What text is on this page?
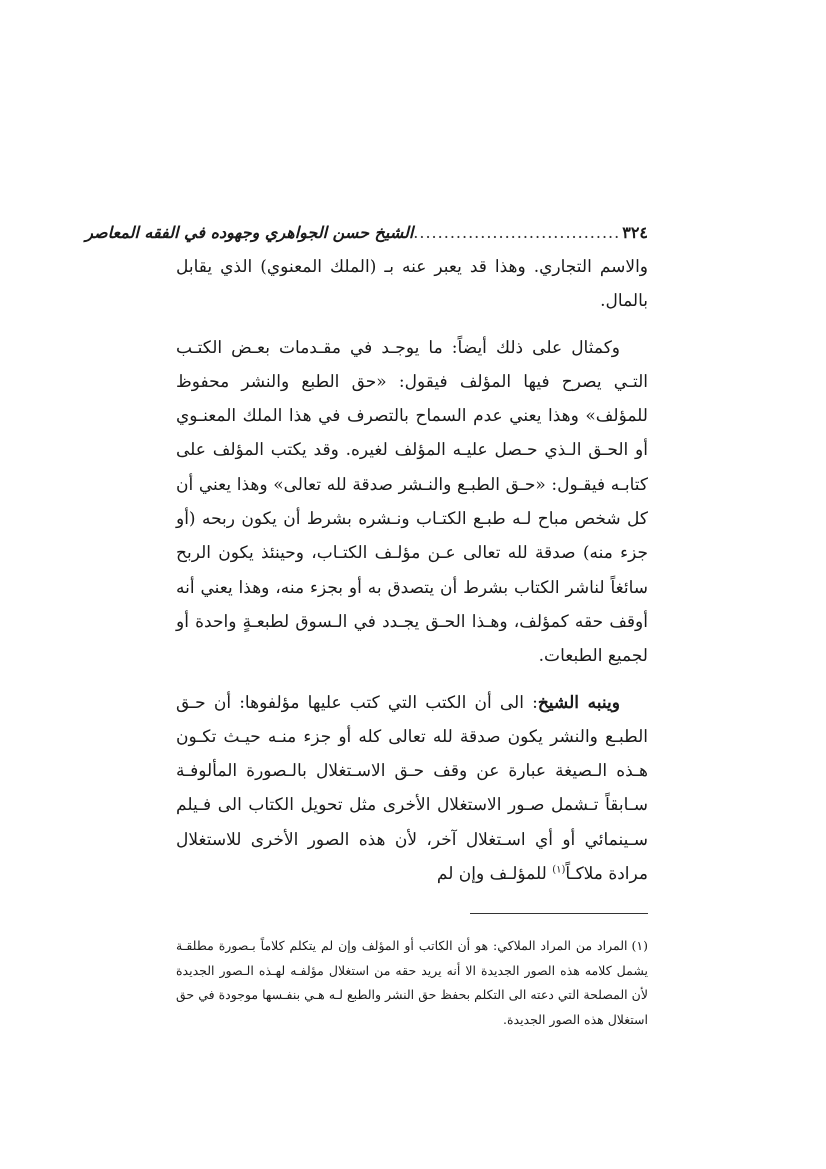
٣٢٤
..................................
الشيخ حسن الجواهري وجهوده في الفقه المعاصر

والاسم التجاري. وهذا قد يعبر عنه بـ (الملك المعنوي) الذي يقابل بالمال.

وكمثال على ذلك أيضاً: ما يوجـد في مقـدمات بعـض الكتـب التـي يصرح فيها المؤلف فيقول: «حق الطبع والنشر محفوظ للمؤلف» وهذا يعني عدم السماح بالتصرف في هذا الملك المعنـوي أو الحـق الـذي حـصل عليـه المؤلف لغيره. وقد يكتب المؤلف على كتابـه فيقـول: «حـق الطبـع والنـشر صدقة لله تعالى» وهذا يعني أن كل شخص مباح لـه طبـع الكتـاب ونـشره بشرط أن يكون ربحه (أو جزء منه) صدقة لله تعالى عـن مؤلـف الكتـاب، وحينئذ يكون الربح سائغاً لناشر الكتاب بشرط أن يتصدق به أو بجزء منه، وهذا يعني أنه أوقف حقه كمؤلف، وهـذا الحـق يجـدد في الـسوق لطبعـةٍ واحدة أو لجميع الطبعات.

وينبه الشيخ: الى أن الكتب التي كتب عليها مؤلفوها: أن حـق الطبـع والنشر يكون صدقة لله تعالى كله أو جزء منـه حيـث تكـون هـذه الـصيغة عبارة عن وقف حـق الاسـتغلال بالـصورة المألوفـة سـابقاً تـشمل صـور الاستغلال الأخرى مثل تحويل الكتاب الى فـيلم سـينمائي أو أي اسـتغلال آخر، لأن هذه الصور الأخرى للاستغلال مرادة ملاكـاً$^{(١)}$ للمؤلـف وإن لم

(١)المراد من المراد الملاكي: هو أن الكاتب أو المؤلف وإن لم يتكلم كلاماً بـصورة مطلقـة يشمل كلامه هذه الصور الجديدة الا أنه يريد حقه من استغلال مؤلفـه لهـذه الـصور الجديدة لأن المصلحة التي دعته الى التكلم بحفظ حق النشر والطبع لـه هـي بنفـسها موجودة في حق استغلال هذه الصور الجديدة.
